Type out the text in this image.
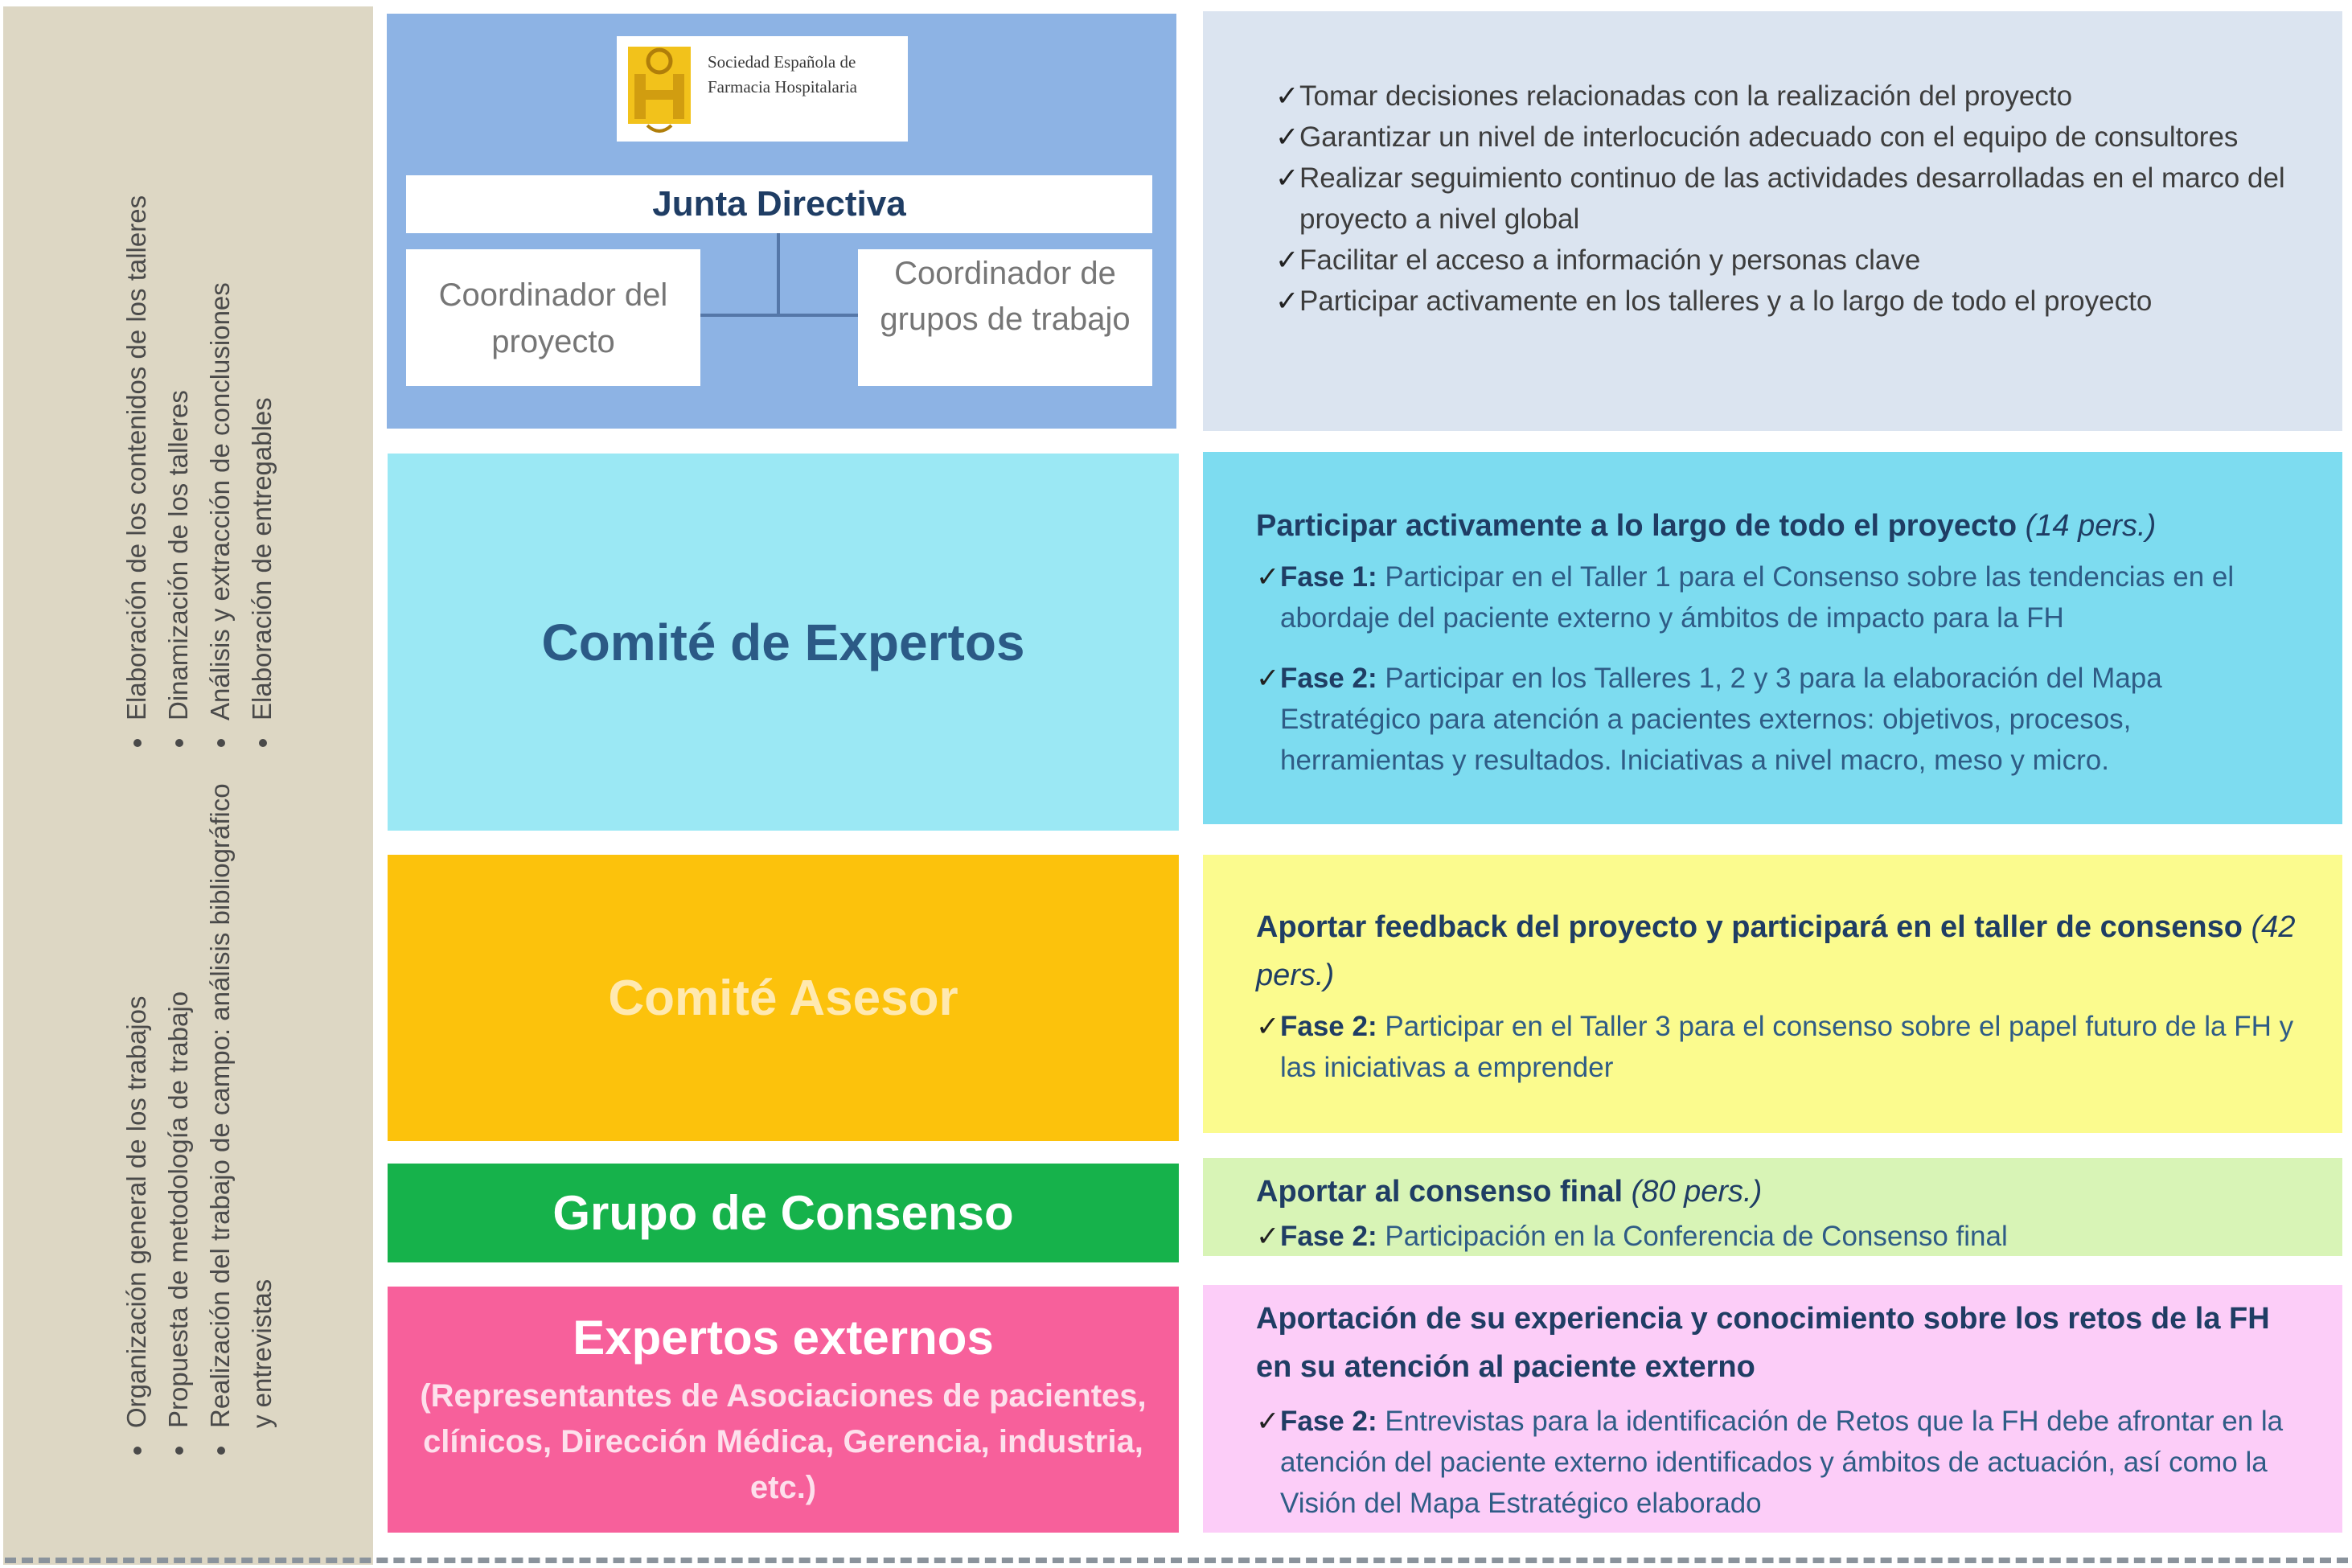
• Elaboración de los contenidos de los talleres • Dinamización de los talleres • Análisis y extracción de conclusiones • Elaboración de entregables
• Organización general de los trabajos • Propuesta de metodología de trabajo • Realización del trabajo de campo: análisis bibliográfico y entrevistas
Sociedad Española de
Farmacia Hospitalaria
Junta Directiva
Coordinador del proyecto
Coordinador de grupos de trabajo
Comité de Expertos
Comité Asesor
Grupo de Consenso
Expertos externos
(Representantes de Asociaciones de pacientes, clínicos, Dirección Médica, Gerencia, industria, etc.)
✓ Tomar decisiones relacionadas con la realización del proyecto
✓ Garantizar un nivel de interlocución adecuado con el equipo de consultores
✓ Realizar seguimiento continuo de las actividades desarrolladas en el marco del proyecto a nivel global
✓ Facilitar el acceso a información y personas clave
✓ Participar activamente en los talleres y a lo largo de todo el proyecto
Participar activamente a lo largo de todo el proyecto (14 pers.)
✓ Fase 1: Participar en el Taller 1 para el Consenso sobre las tendencias en el abordaje del paciente externo y ámbitos de impacto para la FH
✓ Fase 2: Participar en los Talleres 1, 2 y 3 para la elaboración del Mapa Estratégico para atención a pacientes externos: objetivos, procesos, herramientas y resultados. Iniciativas a nivel macro, meso y micro.
Aportar feedback del proyecto y participará en el taller de consenso (42 pers.)
✓ Fase 2: Participar en el Taller 3 para el consenso sobre el papel futuro de la FH y las iniciativas a emprender
Aportar al consenso final (80 pers.)
✓ Fase 2: Participación en la Conferencia de Consenso final
Aportación de su experiencia y conocimiento sobre los retos de la FH en su atención al paciente externo
✓ Fase 2: Entrevistas para la identificación de Retos que la FH debe afrontar en la atención del paciente externo identificados y ámbitos de actuación, así como la Visión del Mapa Estratégico elaborado
